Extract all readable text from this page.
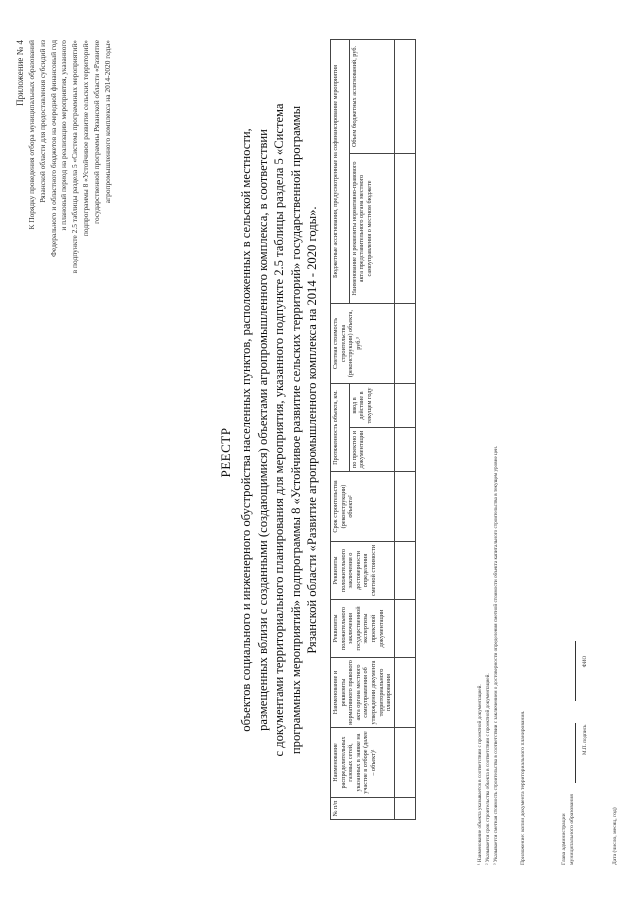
Приложение № 4 К Порядку проведения отбора муниципальных образований Рязанской области для предоставления субсидий из Федерального и областного бюджетов на очередной финансовый год и плановый период на реализацию мероприятия, указанного в подпункте 2.5 таблицы раздела 5 «Система программных мероприятий» подпрограммы 8 «Устойчивое развитие сельских территорий» государственной программы Рязанской области «Развитие агропромышленного комплекса на 2014-2020 годы»
РЕЕСТР объектов социального и инженерного обустройства населенных пунктов, расположенных в сельской местности, размещенных вблизи с созданными (создающимися) объектами агропромышленного комплекса, в соответствии с документами территориального планирования для мероприятия, указанного подпункте 2.5 таблицы раздела 5 «Система программных мероприятий» подпрограммы 8 «Устойчивое развитие сельских территорий» государственной программы Рязанской области «Развитие агропромышленного комплекса на 2014 - 2020 годы».
№ п/п	Наименование распределительных газовых сетей, указанных в заявке на участие в отборе (далее – объект)¹	Наименование и реквизиты нормативного правового акта органа местного самоуправления об утверждении документа территориального планирования	Реквизиты положительного заключения государственной экспертизы проектной документации	Реквизиты положительного заключения о достоверности определения сметной стоимости	Срок строительства (реконструкции) объекта²	Протяженность объекта, км.		Сметная стоимость строительства (реконструкции) объекта, руб.³	Бюджетные ассигнования, предусмотренные на софинансирование мероприятия	
						по проектно и документации	ввод в действие в текущем году		Наименование и реквизиты нормативно-правового акта представительного органа местного самоуправления о местном бюджете	Объем бюджетных ассигнований, руб.

¹ Наименование объекта указывается в соответствии с проектной документацией. ² Указывается срок строительства объекта в соответствии с проектной документацией. ³ Указывается сметная стоимость строительства в соответствии с заключением о достоверности определения сметной стоимости объекта капитального строительства в текущем уровне цен.	Приложение: копии документа территориального планирования.	Глава администрации муниципального образования
М.П. подпись ФИО
Дата (число, месяц, год)
